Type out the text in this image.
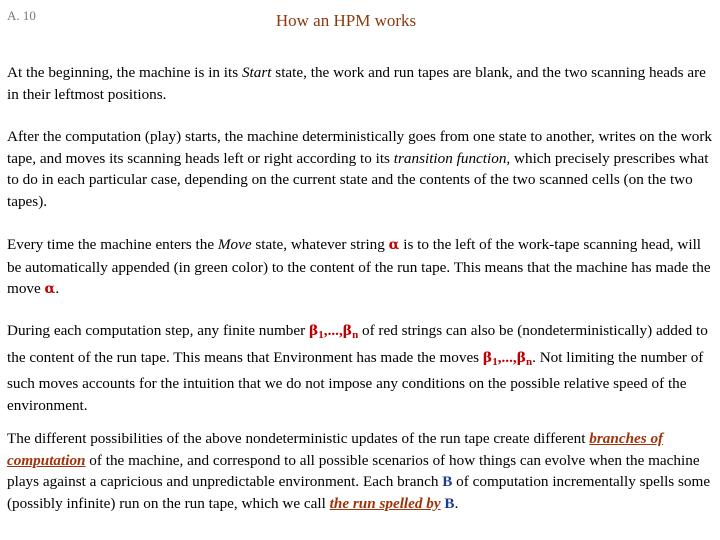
A. 10	How an HPM works

At the beginning, the machine is in its Start state, the work and run tapes are blank, and the two scanning heads are in their leftmost positions.

After the computation (play) starts, the machine deterministically goes from one state to another, writes on the work tape, and moves its scanning heads left or right according to its transition function, which precisely prescribes what to do in each particular case, depending on the current state and the contents of the two scanned cells (on the two tapes).

Every time the machine enters the Move state, whatever string α is to the left of the work-tape scanning head, will be automatically appended (in green color) to the content of the run tape. This means that the machine has made the move α.

During each computation step, any finite number $\beta_1,...,\beta_n$ of red strings can also be (nondeterministically) added to the content of the run tape. This means that Environment has made the moves $\beta_1,...,\beta_n$. Not limiting the number of such moves accounts for the intuition that we do not impose any conditions on the possible relative speed of the environment.

The different possibilities of the above nondeterministic updates of the run tape create different branches of computation of the machine, and correspond to all possible scenarios of how things can evolve when the machine plays against a capricious and unpredictable environment. Each branch B of computation incrementally spells some (possibly infinite) run on the run tape, which we call the run spelled by B.
